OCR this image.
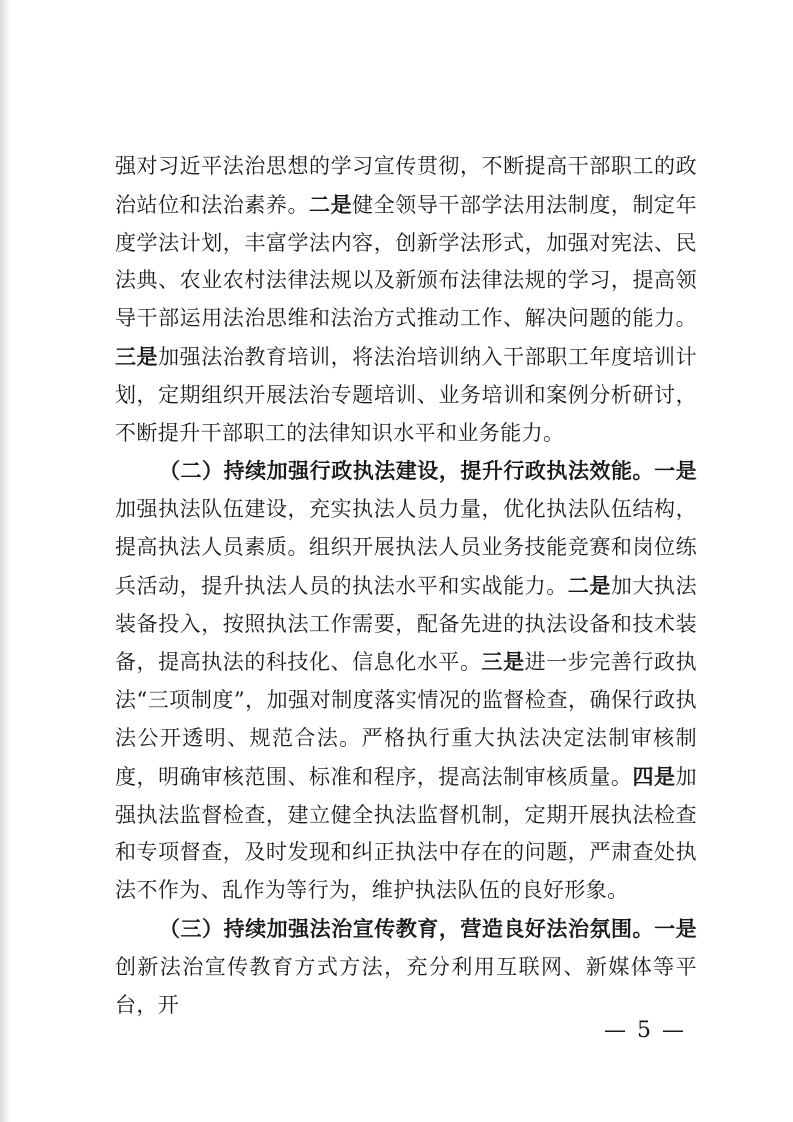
强对习近平法治思想的学习宣传贯彻，不断提高干部职工的政治站位和法治素养。二是健全领导干部学法用法制度，制定年度学法计划，丰富学法内容，创新学法形式，加强对宪法、民法典、农业农村法律法规以及新颁布法律法规的学习，提高领导干部运用法治思维和法治方式推动工作、解决问题的能力。三是加强法治教育培训，将法治培训纳入干部职工年度培训计划，定期组织开展法治专题培训、业务培训和案例分析研讨，不断提升干部职工的法律知识水平和业务能力。

（二）持续加强行政执法建设，提升行政执法效能。一是加强执法队伍建设，充实执法人员力量，优化执法队伍结构，提高执法人员素质。组织开展执法人员业务技能竞赛和岗位练兵活动，提升执法人员的执法水平和实战能力。二是加大执法装备投入，按照执法工作需要，配备先进的执法设备和技术装备，提高执法的科技化、信息化水平。三是进一步完善行政执法“三项制度”，加强对制度落实情况的监督检查，确保行政执法公开透明、规范合法。严格执行重大执法决定法制审核制度，明确审核范围、标准和程序，提高法制审核质量。四是加强执法监督检查，建立健全执法监督机制，定期开展执法检查和专项督查，及时发现和纠正执法中存在的问题，严肃查处执法不作为、乱作为等行为，维护执法队伍的良好形象。

（三）持续加强法治宣传教育，营造良好法治氛围。一是创新法治宣传教育方式方法，充分利用互联网、新媒体等平台，开

— 5 —
